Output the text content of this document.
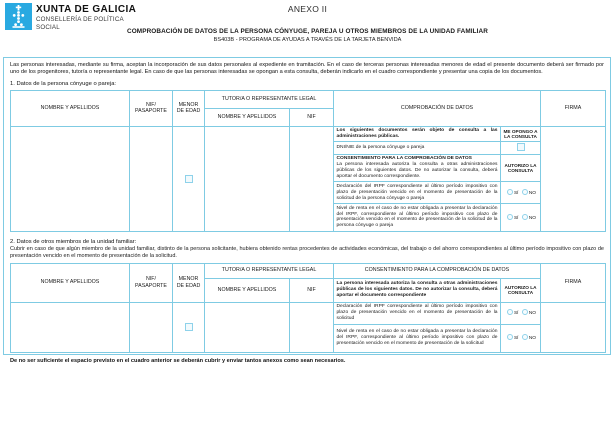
XUNTA DE GALICIA
CONSELLERÍA DE POLÍTICA SOCIAL
ANEXO II
COMPROBACIÓN DE DATOS DE LA PERSONA CÓNYUGE, PAREJA U OTROS MIEMBROS DE LA UNIDAD FAMILIAR
BS403B - PROGRAMA DE AYUDAS A TRAVÉS DE LA TARJETA BENVIDA
Las personas interesadas, mediante su firma, aceptan la incorporación de sus datos personales al expediente en tramitación. En el caso de terceras personas interesadas menores de edad el presente documento deberá ser firmado por uno de los progenitores, tutor/a o representante legal. En caso de que las personas interesadas se opongan a esta consulta, deberán indicarlo en el cuadro correspondiente y presentar una copia de los documentos.
1. Datos de la persona cónyuge o pareja:
NOMBRE Y APELLIDOS	NIF/ PASAPORTE	MENOR DE EDAD	TUTOR/A O REPRESENTANTE LEGAL		COMPROBACIÓN DE DATOS		FIRMA
			NOMBRE Y APELLIDOS	NIF			
					Los siguientes documentos serán objeto de consulta a las administraciones públicas.	ME OPONGO A LA CONSULTA	
					DNI/NIE de la persona cónyuge o pareja		

					CONSENTIMIENTO PARA LA COMPROBACIÓN DE DATOS
La persona interesada autoriza la consulta a otras administraciones públicas de los siguientes datos. De no autorizar la consulta, deberá aportar el documento correspondiente.	AUTORIZO LA CONSULTA	
					Declaración del IRPF correspondiente al último período impositivo con plazo de presentación vencido en el momento de presentación de la solicitud de la persona cónyuge o pareja	SÍ NO	
					Nivel de renta en el caso de no estar obligada a presentar la declaración del IRPF, correspondiente al último período impositivo con plazo de presentación vencido en el momento de presentación de la solicitud de la persona cónyuge o pareja	SÍ NO	
2. Datos de otros miembros de la unidad familiar:
Cubrir en caso de que algún miembro de la unidad familiar, distinto de la persona solicitante, hubiera obtenido rentas procedentes de actividades económicas, del trabajo o del ahorro correspondientes al último período impositivo con plazo de presentación vencido en el momento de presentación de la solicitud.
NOMBRE Y APELLIDOS	NIF/ PASAPORTE	MENOR DE EDAD	TUTOR/A O REPRESENTANTE LEGAL		CONSENTIMIENTO PARA LA COMPROBACIÓN DE DATOS		FIRMA
			NOMBRE Y APELLIDOS	NIF	La persona interesada autoriza la consulta a otras administraciones públicas de los siguientes datos. De no autorizar la consulta, deberá aportar el documento correspondiente	AUTORIZO LA CONSULTA	
					Declaración del IRPF correspondiente al último período impositivo con plazo de presentación vencido en el momento de presentación de la solicitud	SÍ NO	
					Nivel de renta en el caso de no estar obligada a presentar la declaración del IRPF, correspondiente al último período impositivo con plazo de presentación vencido en el momento de presentación de la solicitud	SÍ NO	
De no ser suficiente el espacio previsto en el cuadro anterior se deberán cubrir y enviar tantos anexos como sean necesarios.
